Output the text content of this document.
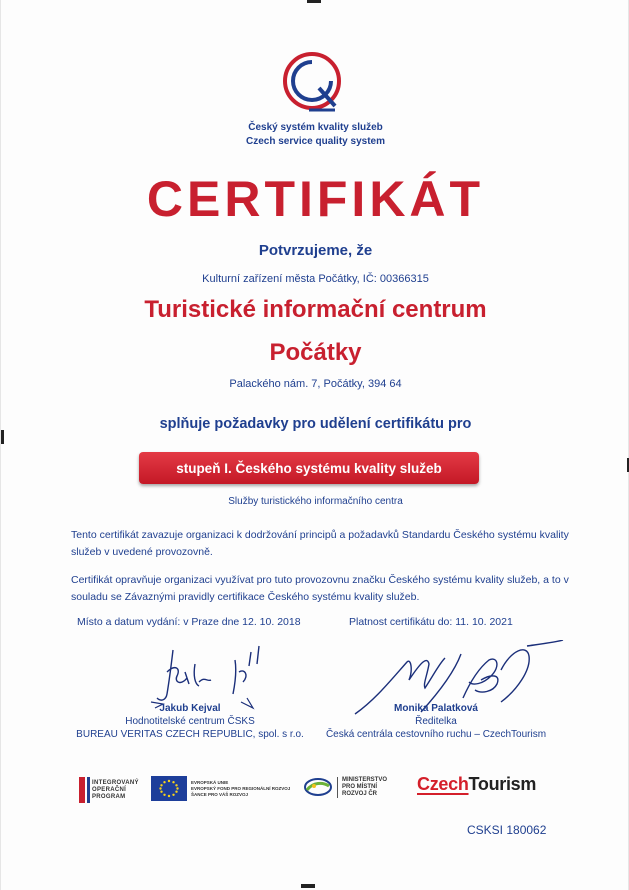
Český systém kvality služeb
Czech service quality system
CERTIFIKÁT
Potvrzujeme, že
Kulturní zařízení města Počátky, IČ: 00366315
Turistické informační centrum
Počátky
Palackého nám. 7, Počátky, 394 64
splňuje požadavky pro udělení certifikátu pro
stupeň I. Českého systému kvality služeb
Služby turistického informačního centra
Tento certifikát zavazuje organizaci k dodržování principů a požadavků Standardu Českého systému kvality služeb v uvedené provozovně.
Certifikát opravňuje organizaci využívat pro tuto provozovnu značku Českého systému kvality služeb, a to v souladu se Závaznými pravidly certifikace Českého systému kvality služeb.
Místo a datum vydání: v Praze dne 12. 10. 2018	Platnost certifikátu do: 11. 10. 2021
Jakub Kejval
Hodnotitelské centrum ČSKS
BUREAU VERITAS CZECH REPUBLIC, spol. s r.o.
Monika Palatková
Ředitelka
Česká centrála cestovního ruchu – CzechTourism
INTEGROVANÝ
OPERAČNÍ
PROGRAM
EVROPSKÁ UNIE
EVROPSKÝ FOND PRO REGIONÁLNÍ ROZVOJ
ŠANCE PRO VÁŠ ROZVOJ
MINISTERSTVO
PRO MÍSTNÍ
ROZVOJ ČR	CzechTourism
CSKSI 180062
